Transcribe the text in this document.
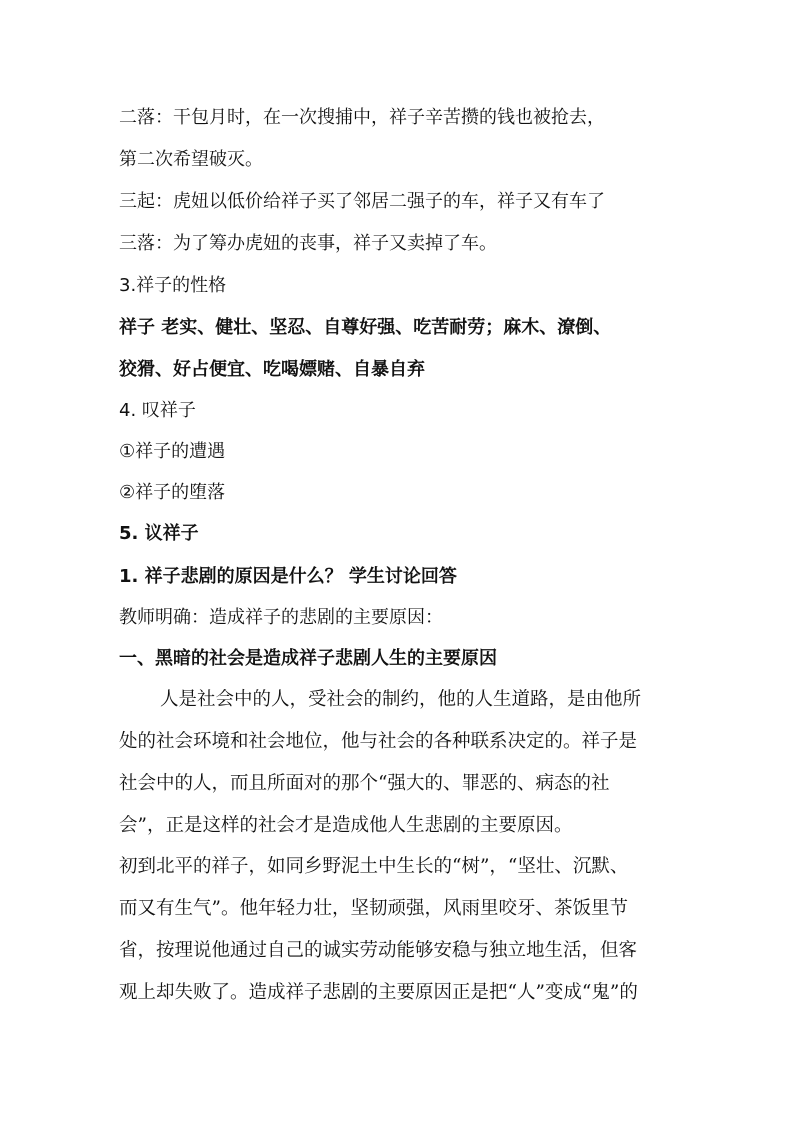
二落：干包月时，在一次搜捕中，祥子辛苦攒的钱也被抢去，
第二次希望破灭。
三起：虎妞以低价给祥子买了邻居二强子的车，祥子又有车了
三落：为了筹办虎妞的丧事，祥子又卖掉了车。
3.祥子的性格
祥子 老实、健壮、坚忍、自尊好强、吃苦耐劳；麻木、潦倒、
狡猾、好占便宜、吃喝嫖赌、自暴自弃
4. 叹祥子
①祥子的遭遇
②祥子的堕落
5. 议祥子
1. 祥子悲剧的原因是什么？ 学生讨论回答
教师明确：造成祥子的悲剧的主要原因：
一、黑暗的社会是造成祥子悲剧人生的主要原因
人是社会中的人，受社会的制约，他的人生道路，是由他所
处的社会环境和社会地位，他与社会的各种联系决定的。祥子是
社会中的人，而且所面对的那个“强大的、罪恶的、病态的社
会”，正是这样的社会才是造成他人生悲剧的主要原因。
初到北平的祥子，如同乡野泥土中生长的“树”，“坚壮、沉默、
而又有生气”。他年轻力壮，坚韧顽强，风雨里咬牙、茶饭里节
省，按理说他通过自己的诚实劳动能够安稳与独立地生活，但客
观上却失败了。造成祥子悲剧的主要原因正是把“人”变成“鬼”的
